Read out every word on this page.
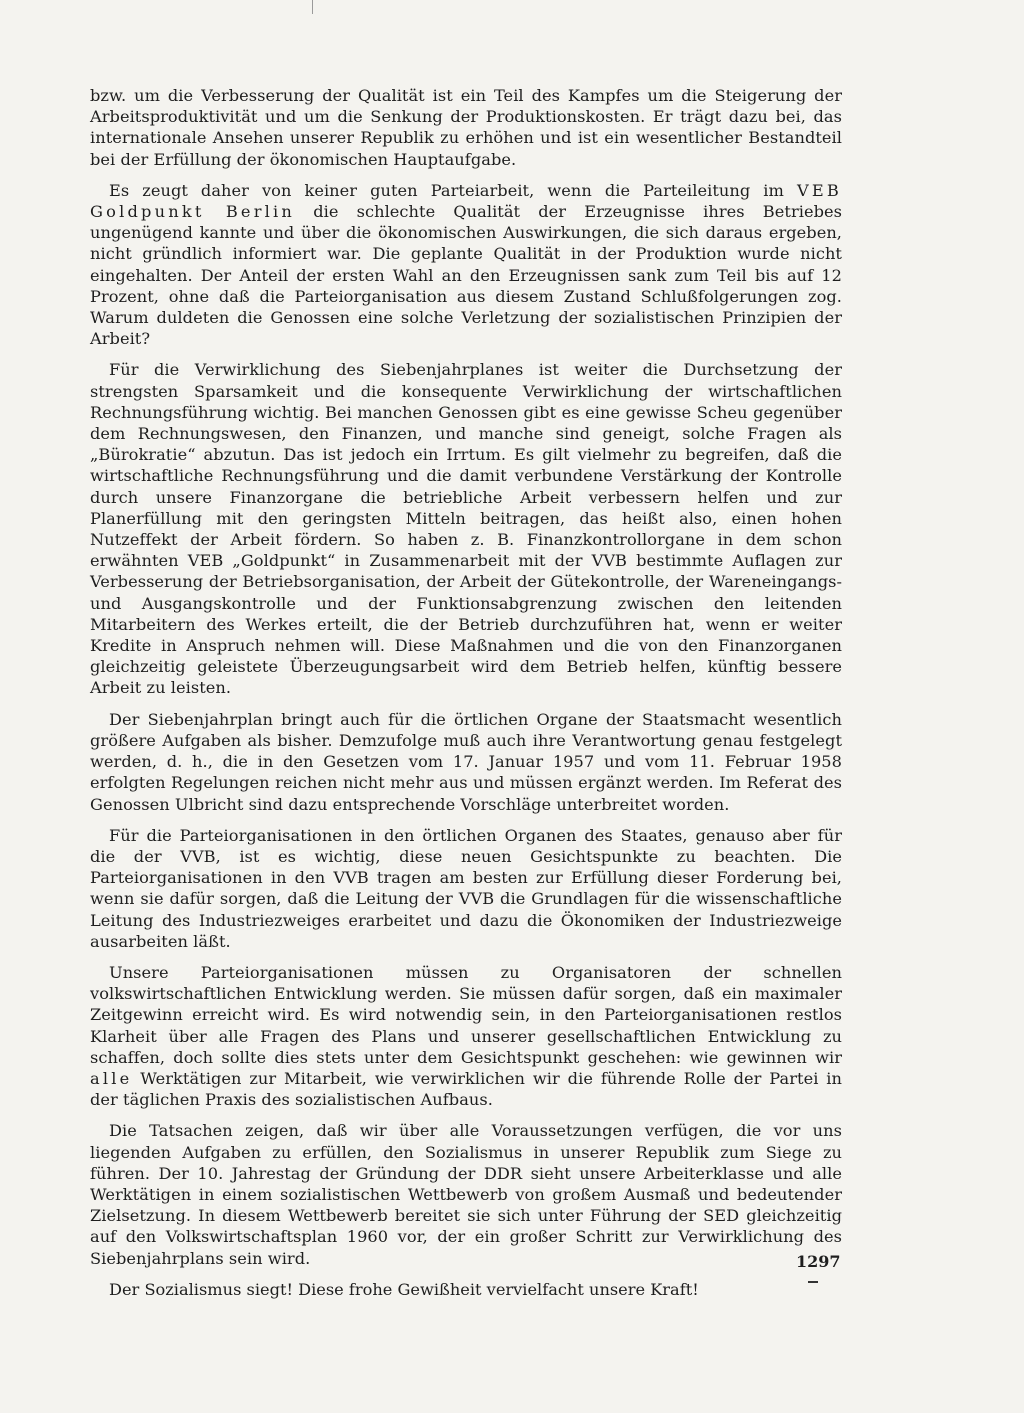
bzw. um die Verbesserung der Qualität ist ein Teil des Kampfes um die Steigerung der Arbeitsproduktivität und um die Senkung der Produktionskosten. Er trägt dazu bei, das internationale Ansehen unserer Republik zu erhöhen und ist ein wesentlicher Bestandteil bei der Erfüllung der ökonomischen Hauptaufgabe.

Es zeugt daher von keiner guten Parteiarbeit, wenn die Parteileitung im VEB Goldpunkt Berlin die schlechte Qualität der Erzeugnisse ihres Betriebes ungenügend kannte und über die ökonomischen Auswirkungen, die sich daraus ergeben, nicht gründlich informiert war. Die geplante Qualität in der Produktion wurde nicht eingehalten. Der Anteil der ersten Wahl an den Erzeugnissen sank zum Teil bis auf 12 Prozent, ohne daß die Parteiorganisation aus diesem Zustand Schlußfolgerungen zog. Warum duldeten die Genossen eine solche Verletzung der sozialistischen Prinzipien der Arbeit?

Für die Verwirklichung des Siebenjahrplanes ist weiter die Durchsetzung der strengsten Sparsamkeit und die konsequente Verwirklichung der wirtschaftlichen Rechnungsführung wichtig. Bei manchen Genossen gibt es eine gewisse Scheu gegenüber dem Rechnungswesen, den Finanzen, und manche sind geneigt, solche Fragen als „Bürokratie“ abzutun. Das ist jedoch ein Irrtum. Es gilt vielmehr zu begreifen, daß die wirtschaftliche Rechnungsführung und die damit verbundene Verstärkung der Kontrolle durch unsere Finanzorgane die betriebliche Arbeit verbessern helfen und zur Planerfüllung mit den geringsten Mitteln beitragen, das heißt also, einen hohen Nutzeffekt der Arbeit fördern. So haben z. B. Finanzkontrollorgane in dem schon erwähnten VEB „Goldpunkt“ in Zusammenarbeit mit der VVB bestimmte Auflagen zur Verbesserung der Betriebsorganisation, der Arbeit der Gütekontrolle, der Wareneingangs- und Ausgangskontrolle und der Funktionsabgrenzung zwischen den leitenden Mitarbeitern des Werkes erteilt, die der Betrieb durchzuführen hat, wenn er weiter Kredite in Anspruch nehmen will. Diese Maßnahmen und die von den Finanzorganen gleichzeitig geleistete Überzeugungsarbeit wird dem Betrieb helfen, künftig bessere Arbeit zu leisten.

Der Siebenjahrplan bringt auch für die örtlichen Organe der Staatsmacht wesentlich größere Aufgaben als bisher. Demzufolge muß auch ihre Verantwortung genau festgelegt werden, d. h., die in den Gesetzen vom 17. Januar 1957 und vom 11. Februar 1958 erfolgten Regelungen reichen nicht mehr aus und müssen ergänzt werden. Im Referat des Genossen Ulbricht sind dazu entsprechende Vorschläge unterbreitet worden.

Für die Parteiorganisationen in den örtlichen Organen des Staates, genauso aber für die der VVB, ist es wichtig, diese neuen Gesichtspunkte zu beachten. Die Parteiorganisationen in den VVB tragen am besten zur Erfüllung dieser Forderung bei, wenn sie dafür sorgen, daß die Leitung der VVB die Grundlagen für die wissenschaftliche Leitung des Industriezweiges erarbeitet und dazu die Ökonomiken der Industriezweige ausarbeiten läßt.

Unsere Parteiorganisationen müssen zu Organisatoren der schnellen volkswirtschaftlichen Entwicklung werden. Sie müssen dafür sorgen, daß ein maximaler Zeitgewinn erreicht wird. Es wird notwendig sein, in den Parteiorganisationen restlos Klarheit über alle Fragen des Plans und unserer gesellschaftlichen Entwicklung zu schaffen, doch sollte dies stets unter dem Gesichtspunkt geschehen: wie gewinnen wir alle Werktätigen zur Mitarbeit, wie verwirklichen wir die führende Rolle der Partei in der täglichen Praxis des sozialistischen Aufbaus.

Die Tatsachen zeigen, daß wir über alle Voraussetzungen verfügen, die vor uns liegenden Aufgaben zu erfüllen, den Sozialismus in unserer Republik zum Siege zu führen. Der 10. Jahrestag der Gründung der DDR sieht unsere Arbeiterklasse und alle Werktätigen in einem sozialistischen Wettbewerb von großem Ausmaß und bedeutender Zielsetzung. In diesem Wettbewerb bereitet sie sich unter Führung der SED gleichzeitig auf den Volkswirtschaftsplan 1960 vor, der ein großer Schritt zur Verwirklichung des Siebenjahrplans sein wird.

Der Sozialismus siegt! Diese frohe Gewißheit vervielfacht unsere Kraft!

1297
